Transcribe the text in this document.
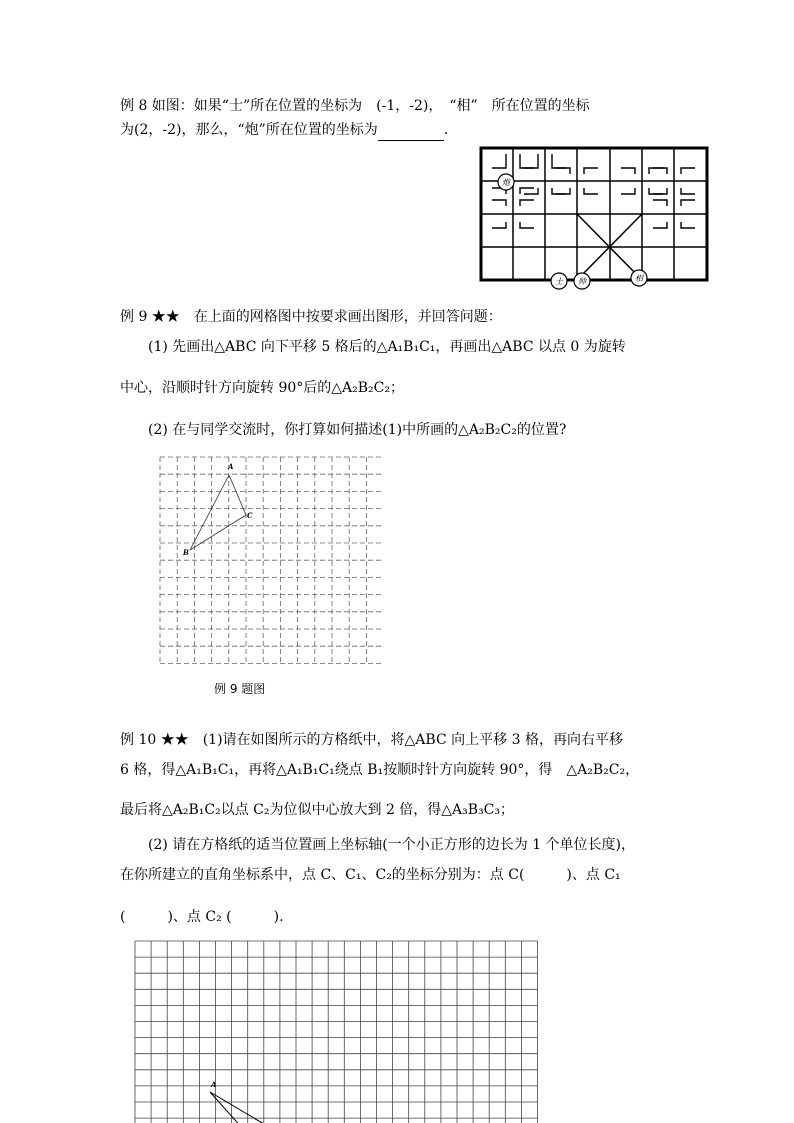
例 8 如图：如果“士”所在位置的坐标为　(-1，-2)，　“相”　所在位置的坐标
为(2，-2)，那么，“炮”所在位置的坐标为	.
炮
士 帅	相
例 9 ★★　在上面的网格图中按要求画出图形，并回答问题：
(1) 先画出△ABC 向下平移 5 格后的△A₁B₁C₁，再画出△ABC 以点 0 为旋转
中心，沿顺时针方向旋转 90°后的△A₂B₂C₂；
(2) 在与同学交流时，你打算如何描述(1)中所画的△A₂B₂C₂的位置?
A
B
C
例 9 题图
例 10 ★★　(1)请在如图所示的方格纸中，将△ABC 向上平移 3 格，再向右平移
6 格，得△A₁B₁C₁，再将△A₁B₁C₁绕点 B₁按顺时针方向旋转 90°，得　△A₂B₂C₂，
最后将△A₂B₁C₂以点 C₂为位似中心放大到 2 倍，得△A₃B₃C₃；
(2) 请在方格纸的适当位置画上坐标轴(一个小正方形的边长为 1 个单位长度)，
在你所建立的直角坐标系中，点 C、C₁、C₂的坐标分别为：点 C(　　　)、点 C₁
(　　　)、点 C₂ (　　　).
A
